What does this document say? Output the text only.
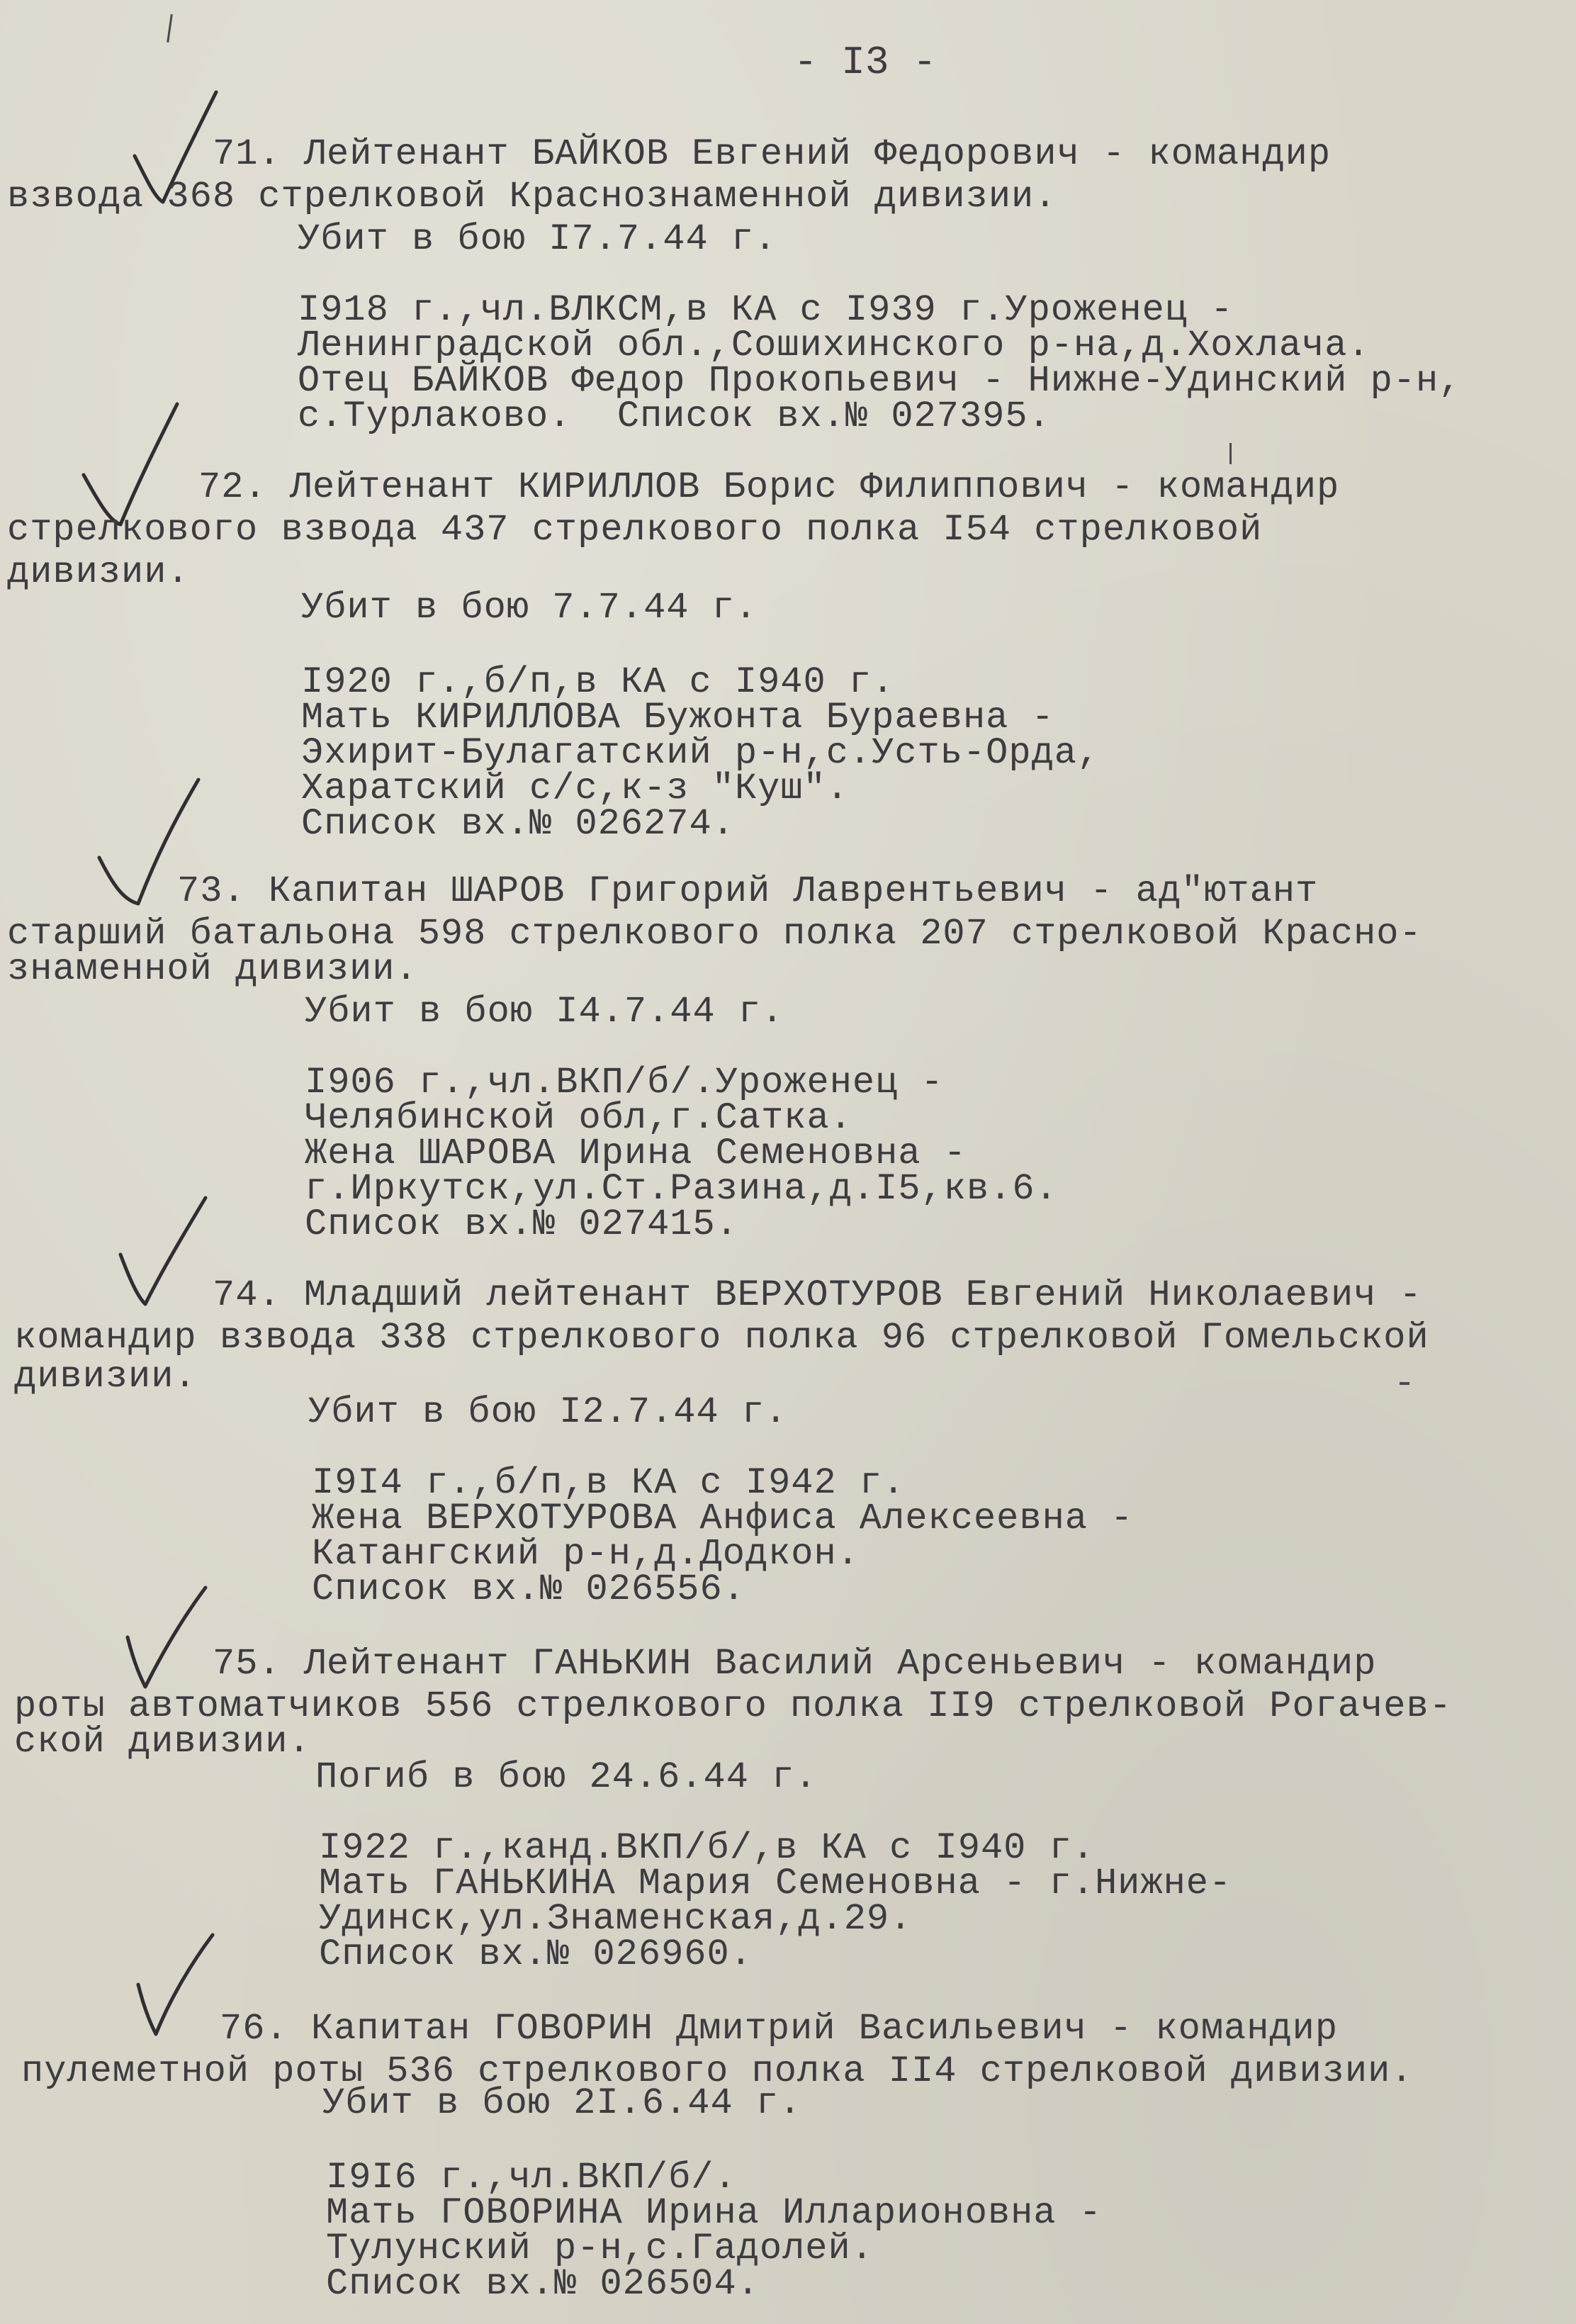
- I3 -
71. Лейтенант БАЙКОВ Евгений Федорович - командир
взвода 368 стрелковой Краснознаменной дивизии.
Убит в бою I7.7.44 г.
I918 г.,чл.ВЛКСМ,в КА с I939 г.Уроженец -
Ленинградской обл.,Сошихинского р-на,д.Хохлача.
Отец БАЙКОВ Федор Прокопьевич - Нижне-Удинский р-н,
с.Турлаково.  Список вх.№ 027395.
72. Лейтенант КИРИЛЛОВ Борис Филиппович - командир
стрелкового взвода 437 стрелкового полка I54 стрелковой
дивизии.
Убит в бою 7.7.44 г.
I920 г.,б/п,в КА с I940 г.
Мать КИРИЛЛОВА Бужонта Бураевна -
Эхирит-Булагатский р-н,с.Усть-Орда,
Харатский с/с,к-з "Куш".
Список вх.№ 026274.
73. Капитан ШАРОВ Григорий Лаврентьевич - ад"ютант
старший батальона 598 стрелкового полка 207 стрелковой Красно-
знаменной дивизии.
Убит в бою I4.7.44 г.
I906 г.,чл.ВКП/б/.Уроженец -
Челябинской обл,г.Сатка.
Жена ШАРОВА Ирина Семеновна -
г.Иркутск,ул.Ст.Разина,д.I5,кв.6.
Список вх.№ 027415.
74. Младший лейтенант ВЕРХОТУРОВ Евгений Николаевич -
командир взвода 338 стрелкового полка 96 стрелковой Гомельской
дивизии.
Убит в бою I2.7.44 г.
I9I4 г.,б/п,в КА с I942 г.
Жена ВЕРХОТУРОВА Анфиса Алексеевна -
Катангский р-н,д.Додкон.
Список вх.№ 026556.
75. Лейтенант ГАНЬКИН Василий Арсеньевич - командир
роты автоматчиков 556 стрелкового полка II9 стрелковой Рогачев-
ской дивизии.
Погиб в бою 24.6.44 г.
I922 г.,канд.ВКП/б/,в КА с I940 г.
Мать ГАНЬКИНА Мария Семеновна - г.Нижне-
Удинск,ул.Знаменская,д.29.
Список вх.№ 026960.
76. Капитан ГОВОРИН Дмитрий Васильевич - командир
пулеметной роты 536 стрелкового полка II4 стрелковой дивизии.
Убит в бою 2I.6.44 г.
I9I6 г.,чл.ВКП/б/.
Мать ГОВОРИНА Ирина Илларионовна -
Тулунский р-н,с.Гадолей.
Список вх.№ 026504.
